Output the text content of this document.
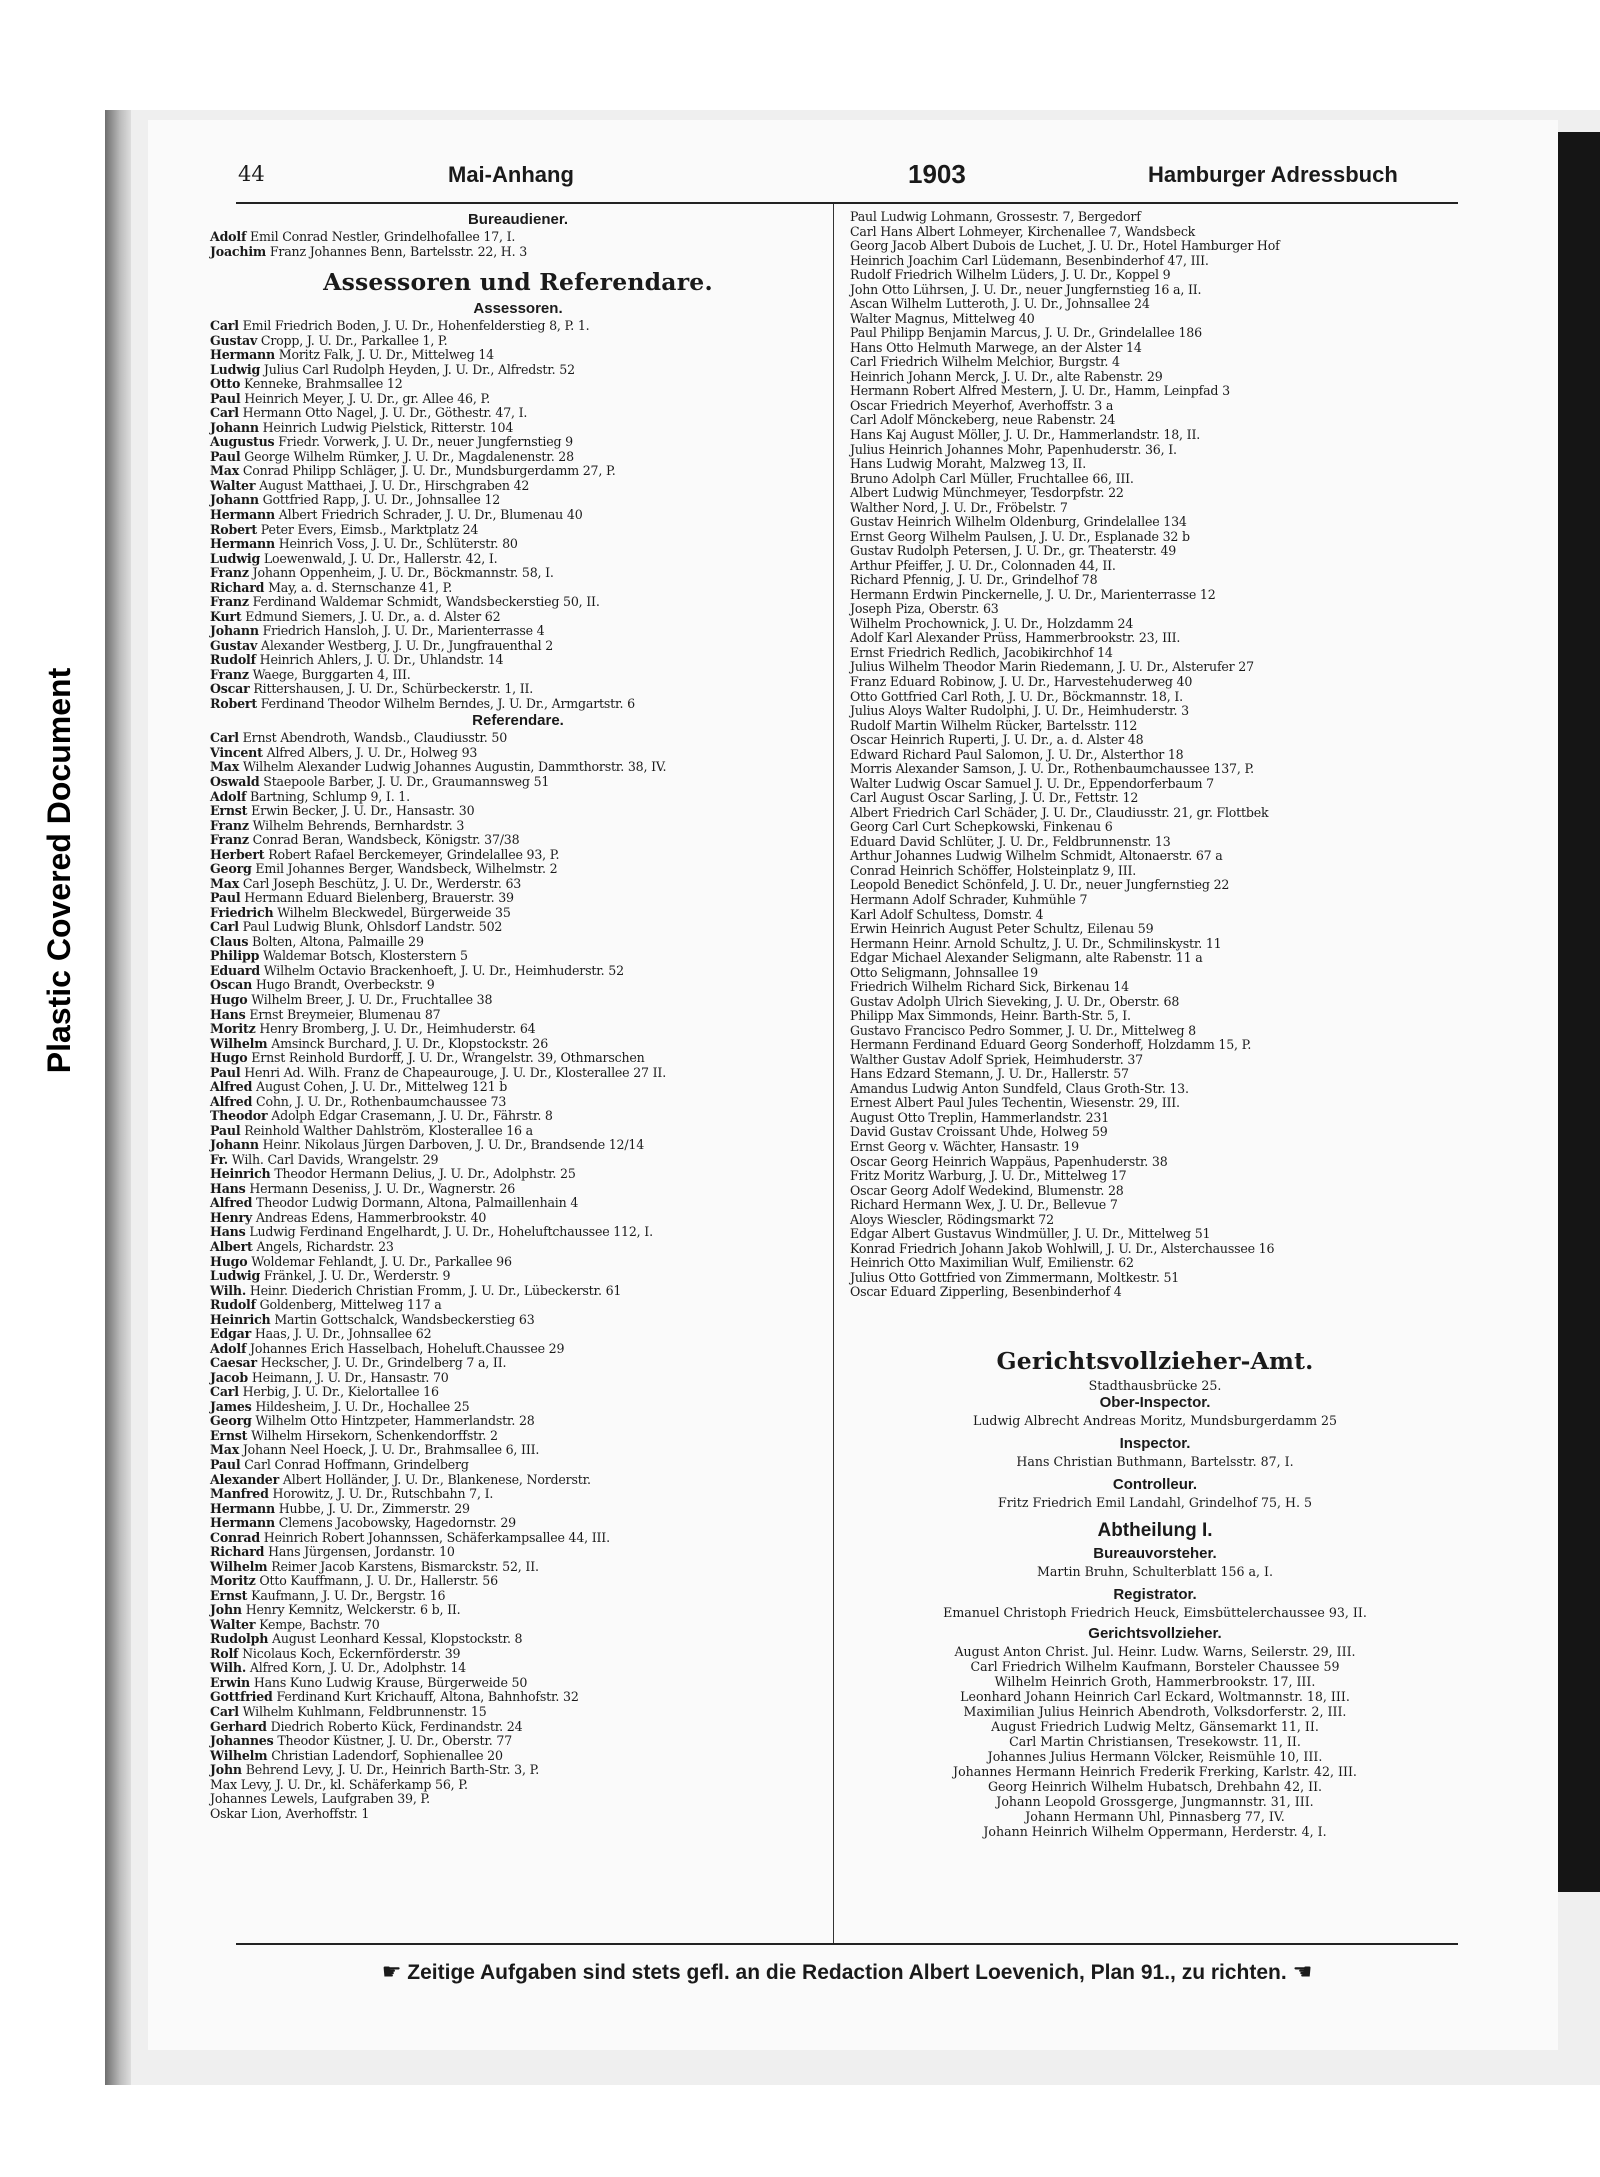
Plastic Covered Document
44	Mai-Anhang	1903	Hamburger Adressbuch
Bureaudiener.
Adolf Emil Conrad Nestler, Grindelhofallee 17, I.
Joachim Franz Johannes Benn, Bartelsstr. 22, H. 3
Assessoren und Referendare.
Assessoren.
Carl Emil Friedrich Boden, J. U. Dr., Hohenfelderstieg 8, P. 1.
Gustav Cropp, J. U. Dr., Parkallee 1, P.
Hermann Moritz Falk, J. U. Dr., Mittelweg 14
Ludwig Julius Carl Rudolph Heyden, J. U. Dr., Alfredstr. 52
Otto Kenneke, Brahmsallee 12
Paul Heinrich Meyer, J. U. Dr., gr. Allee 46, P.
Carl Hermann Otto Nagel, J. U. Dr., Göthestr. 47, I.
Johann Heinrich Ludwig Pielstick, Ritterstr. 104
Augustus Friedr. Vorwerk, J. U. Dr., neuer Jungfernstieg 9
Paul George Wilhelm Rümker, J. U. Dr., Magdalenenstr. 28
Max Conrad Philipp Schläger, J. U. Dr., Mundsburgerdamm 27, P.
Walter August Matthaei, J. U. Dr., Hirschgraben 42
Johann Gottfried Rapp, J. U. Dr., Johnsallee 12
Hermann Albert Friedrich Schrader, J. U. Dr., Blumenau 40
Robert Peter Evers, Eimsb., Marktplatz 24
Hermann Heinrich Voss, J. U. Dr., Schlüterstr. 80
Ludwig Loewenwald, J. U. Dr., Hallerstr. 42, I.
Franz Johann Oppenheim, J. U. Dr., Böckmannstr. 58, I.
Richard May, a. d. Sternschanze 41, P.
Franz Ferdinand Waldemar Schmidt, Wandsbeckerstieg 50, II.
Kurt Edmund Siemers, J. U. Dr., a. d. Alster 62
Johann Friedrich Hansloh, J. U. Dr., Marienterrasse 4
Gustav Alexander Westberg, J. U. Dr., Jungfrauenthal 2
Rudolf Heinrich Ahlers, J. U. Dr., Uhlandstr. 14
Franz Waege, Burggarten 4, III.
Oscar Rittershausen, J. U. Dr., Schürbeckerstr. 1, II.
Robert Ferdinand Theodor Wilhelm Berndes, J. U. Dr., Armgartstr. 6
Referendare.
Carl Ernst Abendroth, Wandsb., Claudiusstr. 50
Vincent Alfred Albers, J. U. Dr., Holweg 93
Max Wilhelm Alexander Ludwig Johannes Augustin, Dammthorstr. 38, IV.
Oswald Staepoole Barber, J. U. Dr., Graumannsweg 51
Adolf Bartning, Schlump 9, I. 1.
Ernst Erwin Becker, J. U. Dr., Hansastr. 30
Franz Wilhelm Behrends, Bernhardstr. 3
Franz Conrad Beran, Wandsbeck, Königstr. 37/38
Herbert Robert Rafael Berckemeyer, Grindelallee 93, P.
Georg Emil Johannes Berger, Wandsbeck, Wilhelmstr. 2
Max Carl Joseph Beschütz, J. U. Dr., Werderstr. 63
Paul Hermann Eduard Bielenberg, Brauerstr. 39
Friedrich Wilhelm Bleckwedel, Bürgerweide 35
Carl Paul Ludwig Blunk, Ohlsdorf Landstr. 502
Claus Bolten, Altona, Palmaille 29
Philipp Waldemar Botsch, Klosterstern 5
Eduard Wilhelm Octavio Brackenhoeft, J. U. Dr., Heimhuderstr. 52
Oscan Hugo Brandt, Overbeckstr. 9
Hugo Wilhelm Breer, J. U. Dr., Fruchtallee 38
Hans Ernst Breymeier, Blumenau 87
Moritz Henry Bromberg, J. U. Dr., Heimhuderstr. 64
Wilhelm Amsinck Burchard, J. U. Dr., Klopstockstr. 26
Hugo Ernst Reinhold Burdorff, J. U. Dr., Wrangelstr. 39, Othmarschen
Paul Henri Ad. Wilh. Franz de Chapeaurouge, J. U. Dr., Klosterallee 27 II.
Alfred August Cohen, J. U. Dr., Mittelweg 121 b
Alfred Cohn, J. U. Dr., Rothenbaumchaussee 73
Theodor Adolph Edgar Crasemann, J. U. Dr., Fährstr. 8
Paul Reinhold Walther Dahlström, Klosterallee 16 a
Johann Heinr. Nikolaus Jürgen Darboven, J. U. Dr., Brandsende 12/14
Fr. Wilh. Carl Davids, Wrangelstr. 29
Heinrich Theodor Hermann Delius, J. U. Dr., Adolphstr. 25
Hans Hermann Deseniss, J. U. Dr., Wagnerstr. 26
Alfred Theodor Ludwig Dormann, Altona, Palmaillenhain 4
Henry Andreas Edens, Hammerbrookstr. 40
Hans Ludwig Ferdinand Engelhardt, J. U. Dr., Hoheluftchaussee 112, I.
Albert Angels, Richardstr. 23
Hugo Woldemar Fehlandt, J. U. Dr., Parkallee 96
Ludwig Fränkel, J. U. Dr., Werderstr. 9
Wilh. Heinr. Diederich Christian Fromm, J. U. Dr., Lübeckerstr. 61
Rudolf Goldenberg, Mittelweg 117 a
Heinrich Martin Gottschalck, Wandsbeckerstieg 63
Edgar Haas, J. U. Dr., Johnsallee 62
Adolf Johannes Erich Hasselbach, Hoheluft.Chaussee 29
Caesar Heckscher, J. U. Dr., Grindelberg 7 a, II.
Jacob Heimann, J. U. Dr., Hansastr. 70
Carl Herbig, J. U. Dr., Kielortallee 16
James Hildesheim, J. U. Dr., Hochallee 25
Georg Wilhelm Otto Hintzpeter, Hammerlandstr. 28
Ernst Wilhelm Hirsekorn, Schenkendorffstr. 2
Max Johann Neel Hoeck, J. U. Dr., Brahmsallee 6, III.
Paul Carl Conrad Hoffmann, Grindelberg
Alexander Albert Holländer, J. U. Dr., Blankenese, Norderstr.
Manfred Horowitz, J. U. Dr., Rutschbahn 7, I.
Hermann Hubbe, J. U. Dr., Zimmerstr. 29
Hermann Clemens Jacobowsky, Hagedornstr. 29
Conrad Heinrich Robert Johannssen, Schäferkampsallee 44, III.
Richard Hans Jürgensen, Jordanstr. 10
Wilhelm Reimer Jacob Karstens, Bismarckstr. 52, II.
Moritz Otto Kauffmann, J. U. Dr., Hallerstr. 56
Ernst Kaufmann, J. U. Dr., Bergstr. 16
John Henry Kemnitz, Welckerstr. 6 b, II.
Walter Kempe, Bachstr. 70
Rudolph August Leonhard Kessal, Klopstockstr. 8
Rolf Nicolaus Koch, Eckernförderstr. 39
Wilh. Alfred Korn, J. U. Dr., Adolphstr. 14
Erwin Hans Kuno Ludwig Krause, Bürgerweide 50
Gottfried Ferdinand Kurt Krichauff, Altona, Bahnhofstr. 32
Carl Wilhelm Kuhlmann, Feldbrunnenstr. 15
Gerhard Diedrich Roberto Kück, Ferdinandstr. 24
Johannes Theodor Küstner, J. U. Dr., Oberstr. 77
Wilhelm Christian Ladendorf, Sophienallee 20
John Behrend Levy, J. U. Dr., Heinrich Barth-Str. 3, P.
Max Levy, J. U. Dr., kl. Schäferkamp 56, P.
Johannes Lewels, Laufgraben 39, P.
Oskar Lion, Averhoffstr. 1
Paul Ludwig Lohmann, Grossestr. 7, Bergedorf
Carl Hans Albert Lohmeyer, Kirchenallee 7, Wandsbeck
Georg Jacob Albert Dubois de Luchet, J. U. Dr., Hotel Hamburger Hof
Heinrich Joachim Carl Lüdemann, Besenbinderhof 47, III.
Rudolf Friedrich Wilhelm Lüders, J. U. Dr., Koppel 9
John Otto Lührsen, J. U. Dr., neuer Jungfernstieg 16 a, II.
Ascan Wilhelm Lutteroth, J. U. Dr., Johnsallee 24
Walter Magnus, Mittelweg 40
Paul Philipp Benjamin Marcus, J. U. Dr., Grindelallee 186
Hans Otto Helmuth Marwege, an der Alster 14
Carl Friedrich Wilhelm Melchior, Burgstr. 4
Heinrich Johann Merck, J. U. Dr., alte Rabenstr. 29
Hermann Robert Alfred Mestern, J. U. Dr., Hamm, Leinpfad 3
Oscar Friedrich Meyerhof, Averhoffstr. 3 a
Carl Adolf Mönckeberg, neue Rabenstr. 24
Hans Kaj August Möller, J. U. Dr., Hammerlandstr. 18, II.
Julius Heinrich Johannes Mohr, Papenhuderstr. 36, I.
Hans Ludwig Moraht, Malzweg 13, II.
Bruno Adolph Carl Müller, Fruchtallee 66, III.
Albert Ludwig Münchmeyer, Tesdorpfstr. 22
Walther Nord, J. U. Dr., Fröbelstr. 7
Gustav Heinrich Wilhelm Oldenburg, Grindelallee 134
Ernst Georg Wilhelm Paulsen, J. U. Dr., Esplanade 32 b
Gustav Rudolph Petersen, J. U. Dr., gr. Theaterstr. 49
Arthur Pfeiffer, J. U. Dr., Colonnaden 44, II.
Richard Pfennig, J. U. Dr., Grindelhof 78
Hermann Erdwin Pinckernelle, J. U. Dr., Marienterrasse 12
Joseph Piza, Oberstr. 63
Wilhelm Prochownick, J. U. Dr., Holzdamm 24
Adolf Karl Alexander Prüss, Hammerbrookstr. 23, III.
Ernst Friedrich Redlich, Jacobikirchhof 14
Julius Wilhelm Theodor Marin Riedemann, J. U. Dr., Alsterufer 27
Franz Eduard Robinow, J. U. Dr., Harvestehuderweg 40
Otto Gottfried Carl Roth, J. U. Dr., Böckmannstr. 18, I.
Julius Aloys Walter Rudolphi, J. U. Dr., Heimhuderstr. 3
Rudolf Martin Wilhelm Rücker, Bartelsstr. 112
Oscar Heinrich Ruperti, J. U. Dr., a. d. Alster 48
Edward Richard Paul Salomon, J. U. Dr., Alsterthor 18
Morris Alexander Samson, J. U. Dr., Rothenbaumchaussee 137, P.
Walter Ludwig Oscar Samuel J. U. Dr., Eppendorferbaum 7
Carl August Oscar Sarling, J. U. Dr., Fettstr. 12
Albert Friedrich Carl Schäder, J. U. Dr., Claudiusstr. 21, gr. Flottbek
Georg Carl Curt Schepkowski, Finkenau 6
Eduard David Schlüter, J. U. Dr., Feldbrunnenstr. 13
Arthur Johannes Ludwig Wilhelm Schmidt, Altonaerstr. 67 a
Conrad Heinrich Schöffer, Holsteinplatz 9, III.
Leopold Benedict Schönfeld, J. U. Dr., neuer Jungfernstieg 22
Hermann Adolf Schrader, Kuhmühle 7
Karl Adolf Schultess, Domstr. 4
Erwin Heinrich August Peter Schultz, Eilenau 59
Hermann Heinr. Arnold Schultz, J. U. Dr., Schmilinskystr. 11
Edgar Michael Alexander Seligmann, alte Rabenstr. 11 a
Otto Seligmann, Johnsallee 19
Friedrich Wilhelm Richard Sick, Birkenau 14
Gustav Adolph Ulrich Sieveking, J. U. Dr., Oberstr. 68
Philipp Max Simmonds, Heinr. Barth-Str. 5, I.
Gustavo Francisco Pedro Sommer, J. U. Dr., Mittelweg 8
Hermann Ferdinand Eduard Georg Sonderhoff, Holzdamm 15, P.
Walther Gustav Adolf Spriek, Heimhuderstr. 37
Hans Edzard Stemann, J. U. Dr., Hallerstr. 57
Amandus Ludwig Anton Sundfeld, Claus Groth-Str. 13.
Ernest Albert Paul Jules Techentin, Wiesenstr. 29, III.
August Otto Treplin, Hammerlandstr. 231
David Gustav Croissant Uhde, Holweg 59
Ernst Georg v. Wächter, Hansastr. 19
Oscar Georg Heinrich Wappäus, Papenhuderstr. 38
Fritz Moritz Warburg, J. U. Dr., Mittelweg 17
Oscar Georg Adolf Wedekind, Blumenstr. 28
Richard Hermann Wex, J. U. Dr., Bellevue 7
Aloys Wiescler, Rödingsmarkt 72
Edgar Albert Gustavus Windmüller, J. U. Dr., Mittelweg 51
Konrad Friedrich Johann Jakob Wohlwill, J. U. Dr., Alsterchaussee 16
Heinrich Otto Maximilian Wulf, Emilienstr. 62
Julius Otto Gottfried von Zimmermann, Moltkestr. 51
Oscar Eduard Zipperling, Besenbinderhof 4
Gerichtsvollzieher-Amt.
Stadthausbrücke 25.
Ober-Inspector.
Ludwig Albrecht Andreas Moritz, Mundsburgerdamm 25
Inspector.
Hans Christian Buthmann, Bartelsstr. 87, I.
Controlleur.
Fritz Friedrich Emil Landahl, Grindelhof 75, H. 5
Abtheilung I.
Bureauvorsteher.
Martin Bruhn, Schulterblatt 156 a, I.
Registrator.
Emanuel Christoph Friedrich Heuck, Eimsbüttelerchaussee 93, II.
Gerichtsvollzieher.
August Anton Christ. Jul. Heinr. Ludw. Warns, Seilerstr. 29, III.
Carl Friedrich Wilhelm Kaufmann, Borsteler Chaussee 59
Wilhelm Heinrich Groth, Hammerbrookstr. 17, III.
Leonhard Johann Heinrich Carl Eckard, Woltmannstr. 18, III.
Maximilian Julius Heinrich Abendroth, Volksdorferstr. 2, III.
August Friedrich Ludwig Meltz, Gänsemarkt 11, II.
Carl Martin Christiansen, Tresekowstr. 11, II.
Johannes Julius Hermann Völcker, Reismühle 10, III.
Johannes Hermann Heinrich Frederik Frerking, Karlstr. 42, III.
Georg Heinrich Wilhelm Hubatsch, Drehbahn 42, II.
Johann Leopold Grossgerge, Jungmannstr. 31, III.
Johann Hermann Uhl, Pinnasberg 77, IV.
Johann Heinrich Wilhelm Oppermann, Herderstr. 4, I.
☛ Zeitige Aufgaben sind stets gefl. an die Redaction Albert Loevenich, Plan 91., zu richten. ☚
